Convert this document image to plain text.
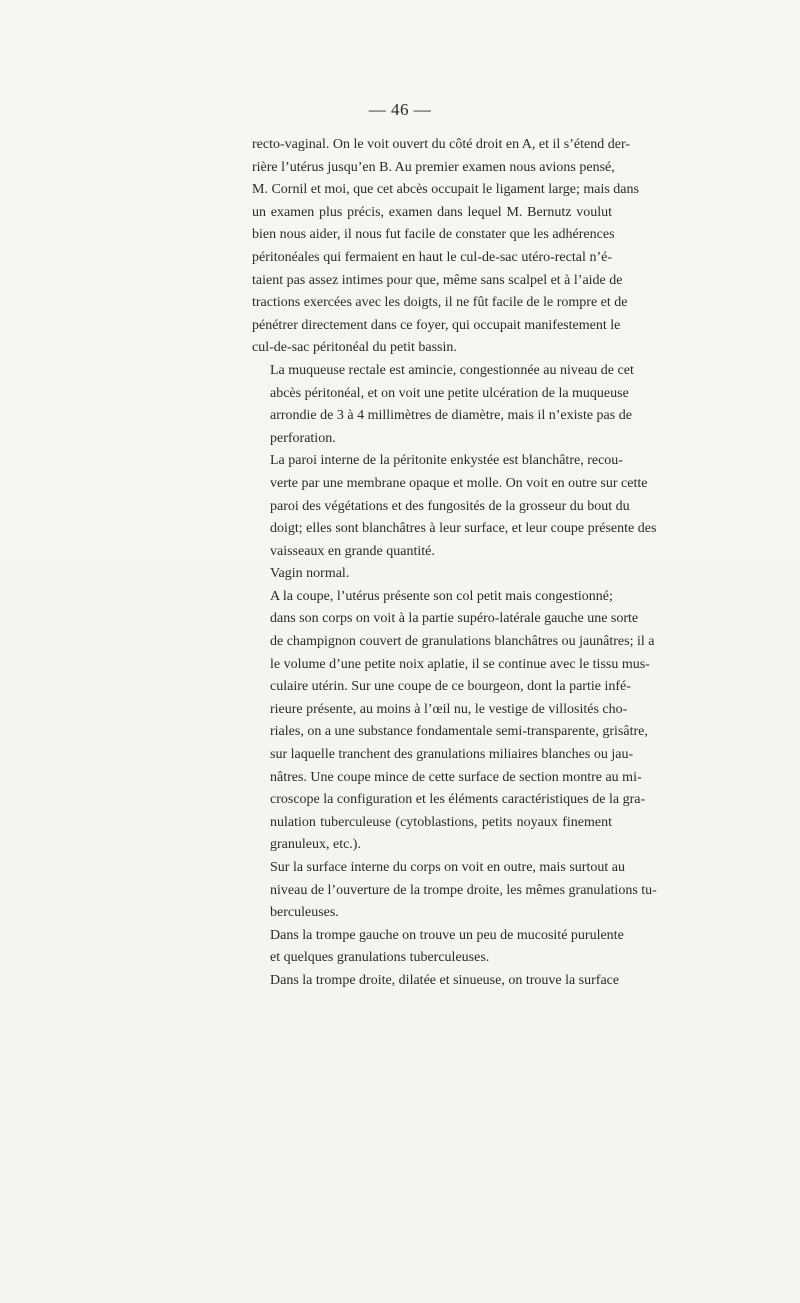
— 46 —

recto-vaginal. On le voit ouvert du côté droit en A, et il s’étend der-
rière l’utérus jusqu’en B. Au premier examen nous avions pensé,
M. Cornil et moi, que cet abcès occupait le ligament large; mais dans
un examen plus précis, examen dans lequel M. Bernutz voulut
bien nous aider, il nous fut facile de constater que les adhérences
péritonéales qui fermaient en haut le cul-de-sac utéro-rectal n’é-
taient pas assez intimes pour que, même sans scalpel et à l’aide de
tractions exercées avec les doigts, il ne fût facile de le rompre et de
pénétrer directement dans ce foyer, qui occupait manifestement le
cul-de-sac péritonéal du petit bassin.

La muqueuse rectale est amincie, congestionnée au niveau de cet
abcès péritonéal, et on voit une petite ulcération de la muqueuse
arrondie de 3 à 4 millimètres de diamètre, mais il n’existe pas de
perforation.

La paroi interne de la péritonite enkystée est blanchâtre, recou-
verte par une membrane opaque et molle. On voit en outre sur cette
paroi des végétations et des fungosités de la grosseur du bout du
doigt; elles sont blanchâtres à leur surface, et leur coupe présente des
vaisseaux en grande quantité.

Vagin normal.

A la coupe, l’utérus présente son col petit mais congestionné;
dans son corps on voit à la partie supéro-latérale gauche une sorte
de champignon couvert de granulations blanchâtres ou jaunâtres; il a
le volume d’une petite noix aplatie, il se continue avec le tissu mus-
culaire utérin. Sur une coupe de ce bourgeon, dont la partie infé-
rieure présente, au moins à l’œil nu, le vestige de villosités cho-
riales, on a une substance fondamentale semi-transparente, grisâtre,
sur laquelle tranchent des granulations miliaires blanches ou jau-
nâtres. Une coupe mince de cette surface de section montre au mi-
croscope la configuration et les éléments caractéristiques de la gra-
nulation tuberculeuse (cytoblastions, petits noyaux finement
granuleux, etc.).

Sur la surface interne du corps on voit en outre, mais surtout au
niveau de l’ouverture de la trompe droite, les mêmes granulations tu-
berculeuses.

Dans la trompe gauche on trouve un peu de mucosité purulente
et quelques granulations tuberculeuses.

Dans la trompe droite, dilatée et sinueuse, on trouve la surface
